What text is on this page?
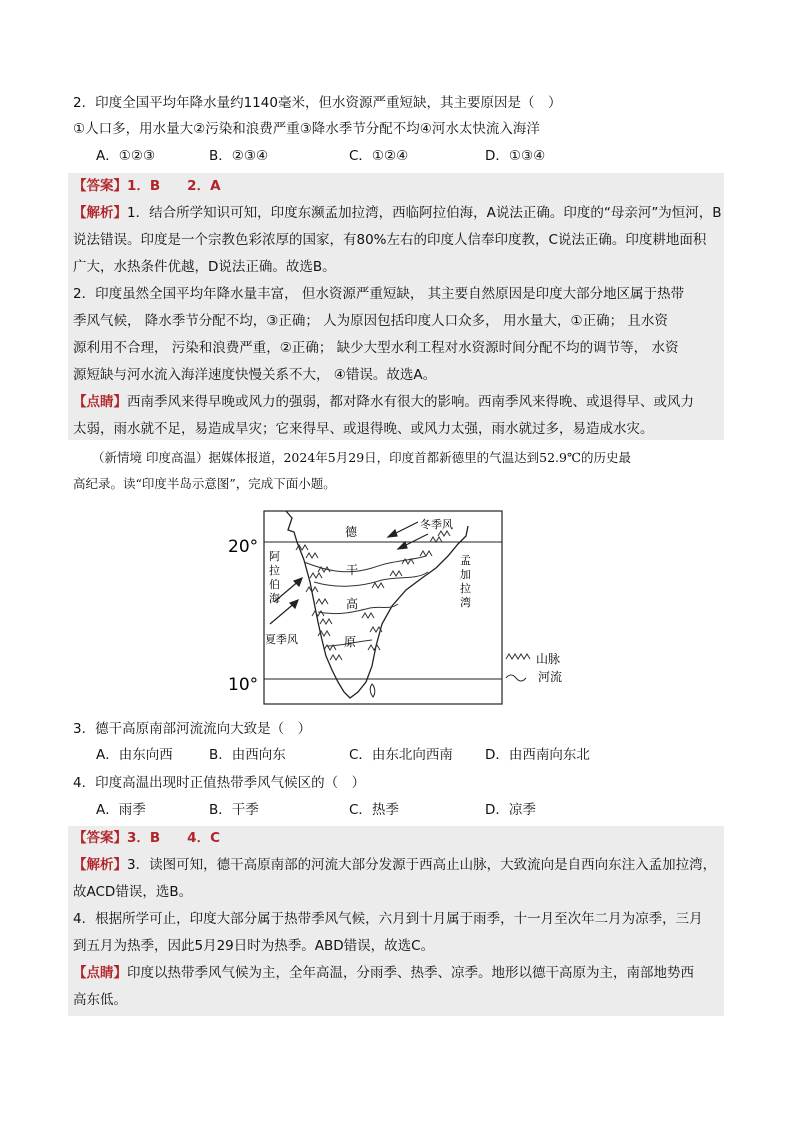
2．印度全国平均年降水量约1140毫米，但水资源严重短缺，其主要原因是（　）
①人口多，用水量大②污染和浪费严重③降水季节分配不均④河水太快流入海洋
A．①②③	B．②③④	C．①②④	D．①③④
【答案】1．B　　2．A
【解析】1．结合所学知识可知，印度东濒孟加拉湾，西临阿拉伯海，A说法正确。印度的“母亲河”为恒河，B
说法错误。印度是一个宗教色彩浓厚的国家，有80%左右的印度人信奉印度教，C说法正确。印度耕地面积
广大，水热条件优越，D说法正确。故选B。
2．印度虽然全国平均年降水量丰富， 但水资源严重短缺， 其主要自然原因是印度大部分地区属于热带
季风气候， 降水季节分配不均，③正确； 人为原因包括印度人口众多， 用水量大，①正确； 且水资
源利用不合理， 污染和浪费严重，②正确； 缺少大型水利工程对水资源时间分配不均的调节等， 水资
源短缺与河水流入海洋速度快慢关系不大， ④错误。故选A。
【点睛】西南季风来得早晚或风力的强弱，都对降水有很大的影响。西南季风来得晚、或退得早、或风力
太弱，雨水就不足，易造成旱灾；它来得早、或退得晚、或风力太强，雨水就过多，易造成水灾。
（新情境 印度高温）据媒体报道，2024年5月29日，印度首都新德里的气温达到52.9℃的历史最
高纪录。读“印度半岛示意图”，完成下面小题。
20°
10°
德
干
高
原
阿
拉
伯
海
孟
加
拉
湾
冬季风
夏季风
山脉
河流
3．德干高原南部河流流向大致是（　）
A．由东向西	B．由西向东	C．由东北向西南 D．由西南向东北
4．印度高温出现时正值热带季风气候区的（　）
A．雨季	B．干季	C．热季	D．凉季
【答案】3．B　　4．C
【解析】3．读图可知，德干高原南部的河流大部分发源于西高止山脉，大致流向是自西向东注入孟加拉湾，
故ACD错误，选B。
4．根据所学可止，印度大部分属于热带季风气候，六月到十月属于雨季，十一月至次年二月为凉季，三月
到五月为热季，因此5月29日时为热季。ABD错误，故选C。
【点睛】印度以热带季风气候为主，全年高温，分雨季、热季、凉季。地形以德干高原为主，南部地势西
高东低。
